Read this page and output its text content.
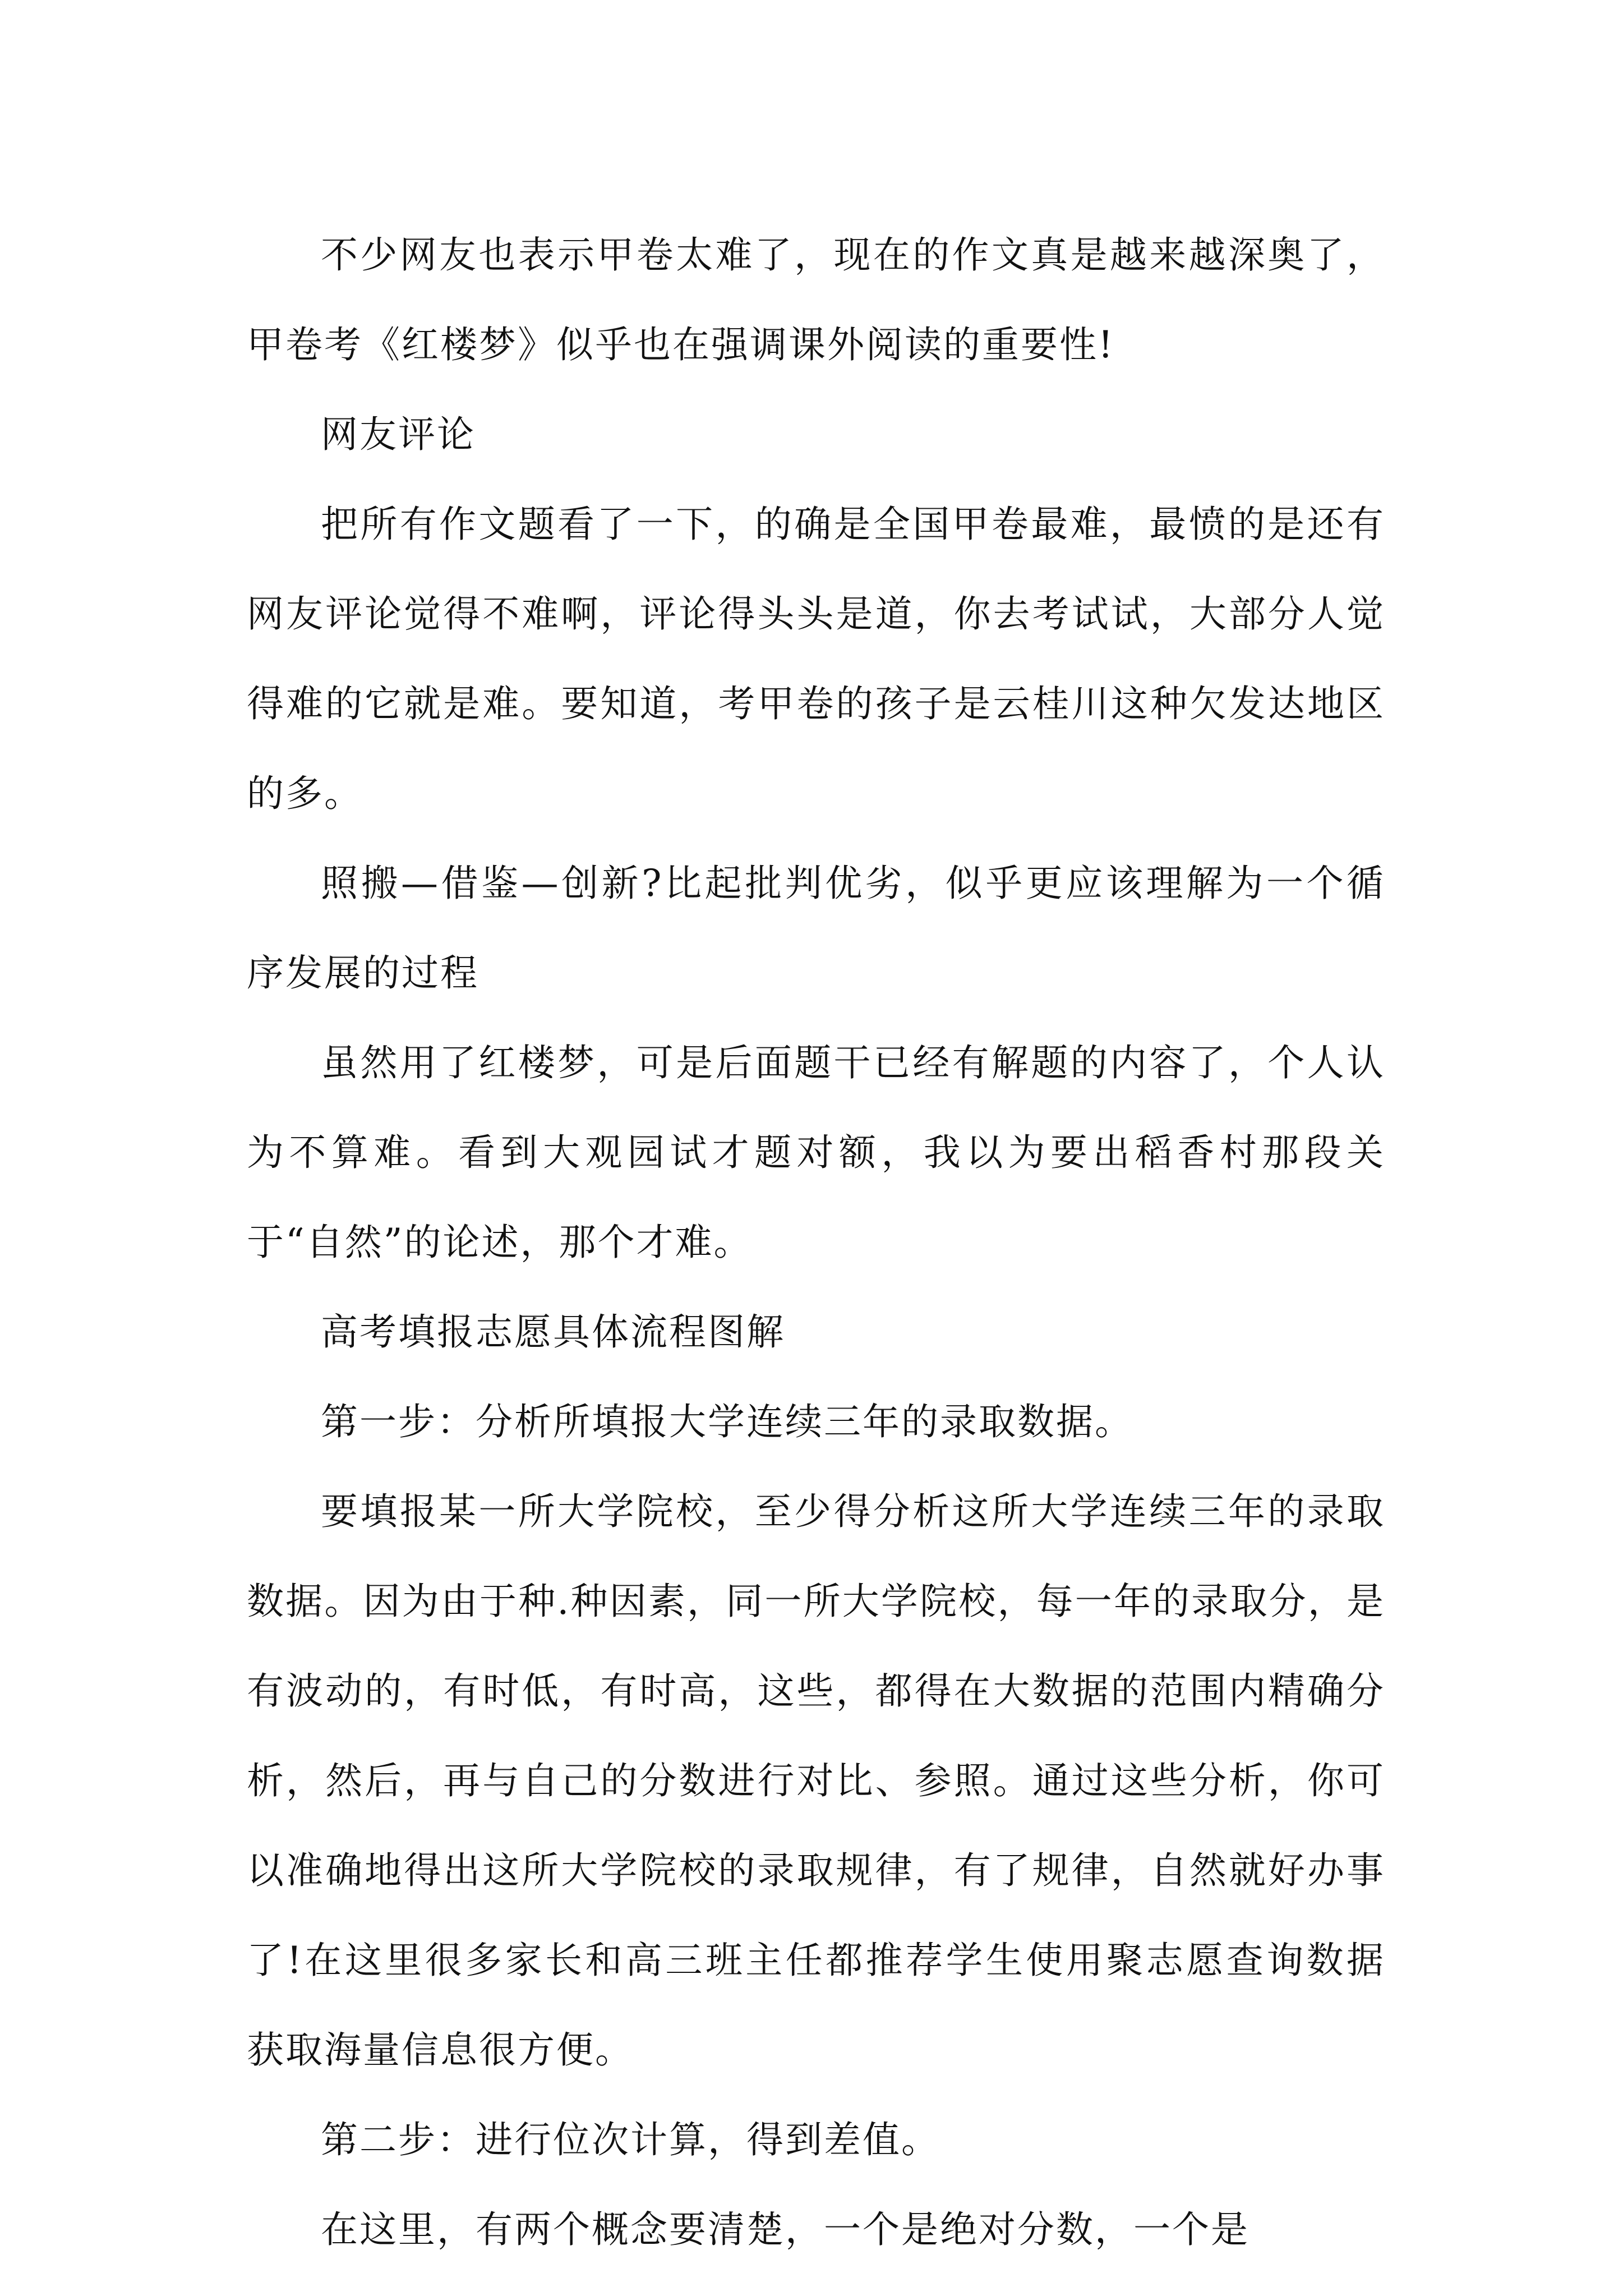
不少网友也表示甲卷太难了，现在的作文真是越来越深奥了，甲卷考《红楼梦》似乎也在强调课外阅读的重要性!

网友评论

把所有作文题看了一下，的确是全国甲卷最难，最愤的是还有网友评论觉得不难啊，评论得头头是道，你去考试试，大部分人觉得难的它就是难。要知道，考甲卷的孩子是云桂川这种欠发达地区的多。

照搬—借鉴—创新?比起批判优劣，似乎更应该理解为一个循序发展的过程

虽然用了红楼梦，可是后面题干已经有解题的内容了，个人认为不算难。看到大观园试才题对额，我以为要出稻香村那段关于“自然”的论述，那个才难。

高考填报志愿具体流程图解

第一步：分析所填报大学连续三年的录取数据。

要填报某一所大学院校，至少得分析这所大学连续三年的录取数据。因为由于种.种因素，同一所大学院校，每一年的录取分，是有波动的，有时低，有时高，这些，都得在大数据的范围内精确分析，然后，再与自己的分数进行对比、参照。通过这些分析，你可以准确地得出这所大学院校的录取规律，有了规律，自然就好办事了!在这里很多家长和高三班主任都推荐学生使用聚志愿查询数据获取海量信息很方便。

第二步：进行位次计算，得到差值。

在这里，有两个概念要清楚，一个是绝对分数，一个是
